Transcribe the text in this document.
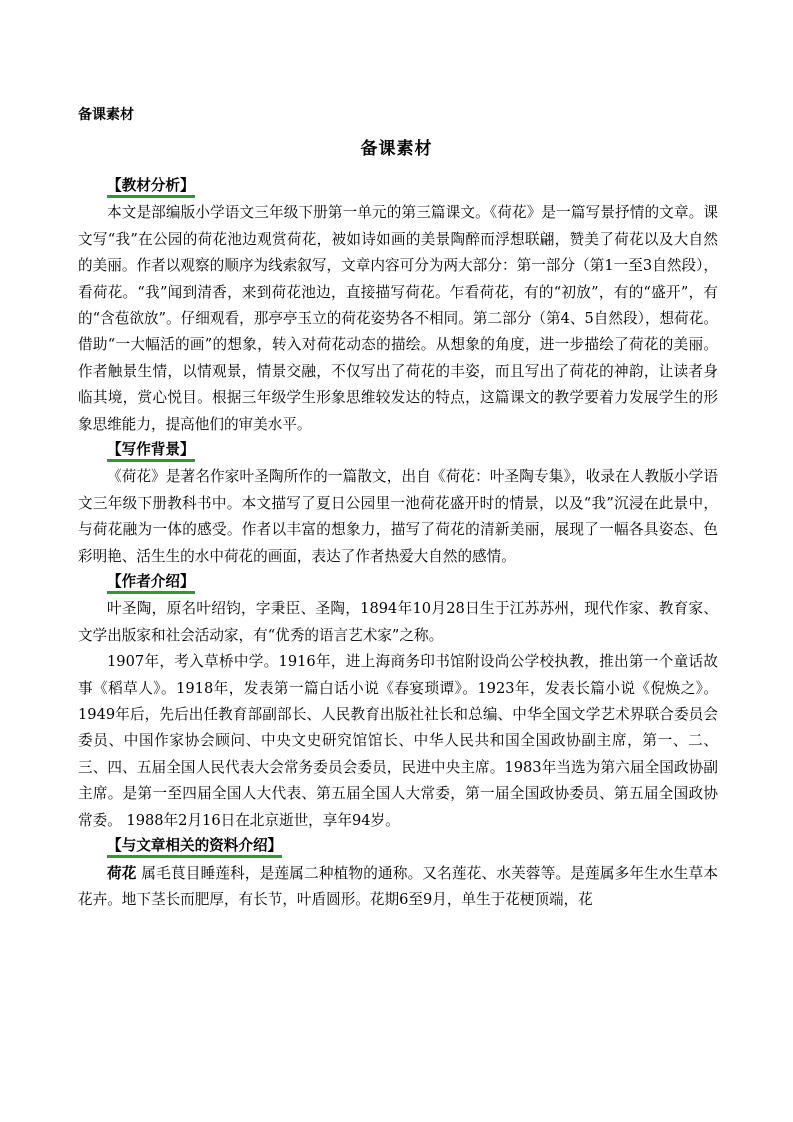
备课素材
备课素材
【教材分析】

本文是部编版小学语文三年级下册第一单元的第三篇课文。《荷花》是一篇写景抒情的文章。课文写“我”在公园的荷花池边观赏荷花，被如诗如画的美景陶醉而浮想联翩，赞美了荷花以及大自然的美丽。作者以观察的顺序为线索叙写，文章内容可分为两大部分：第一部分（第1一至3自然段），看荷花。“我”闻到清香，来到荷花池边，直接描写荷花。乍看荷花，有的“初放”，有的“盛开”，有的“含苞欲放”。仔细观看，那亭亭玉立的荷花姿势各不相同。第二部分（第4、5自然段），想荷花。借助“一大幅活的画”的想象，转入对荷花动态的描绘。从想象的角度，进一步描绘了荷花的美丽。作者触景生情，以情观景，情景交融，不仅写出了荷花的丰姿，而且写出了荷花的神韵，让读者身临其境，赏心悦目。根据三年级学生形象思维较发达的特点，这篇课文的教学要着力发展学生的形象思维能力，提高他们的审美水平。

【写作背景】

《荷花》是著名作家叶圣陶所作的一篇散文，出自《荷花：叶圣陶专集》，收录在人教版小学语文三年级下册教科书中。本文描写了夏日公园里一池荷花盛开时的情景，以及“我”沉浸在此景中，与荷花融为一体的感受。作者以丰富的想象力，描写了荷花的清新美丽，展现了一幅各具姿态、色彩明艳、活生生的水中荷花的画面，表达了作者热爱大自然的感情。

【作者介绍】

叶圣陶，原名叶绍钧，字秉臣、圣陶，1894年10月28日生于江苏苏州，现代作家、教育家、文学出版家和社会活动家，有“优秀的语言艺术家”之称。

1907年，考入草桥中学。1916年，进上海商务印书馆附设尚公学校执教，推出第一个童话故事《稻草人》。1918年，发表第一篇白话小说《春宴琐谭》。1923年，发表长篇小说《倪焕之》。1949年后，先后出任教育部副部长、人民教育出版社社长和总编、中华全国文学艺术界联合委员会委员、中国作家协会顾问、中央文史研究馆馆长、中华人民共和国全国政协副主席，第一、二、三、四、五届全国人民代表大会常务委员会委员，民进中央主席。1983年当选为第六届全国政协副主席。是第一至四届全国人大代表、第五届全国人大常委，第一届全国政协委员、第五届全国政协常委。 1988年2月16日在北京逝世，享年94岁。

【与文章相关的资料介绍】

荷花 属毛茛目睡莲科，是莲属二种植物的通称。又名莲花、水芙蓉等。是莲属多年生水生草本花卉。地下茎长而肥厚，有长节，叶盾圆形。花期6至9月，单生于花梗顶端，花
